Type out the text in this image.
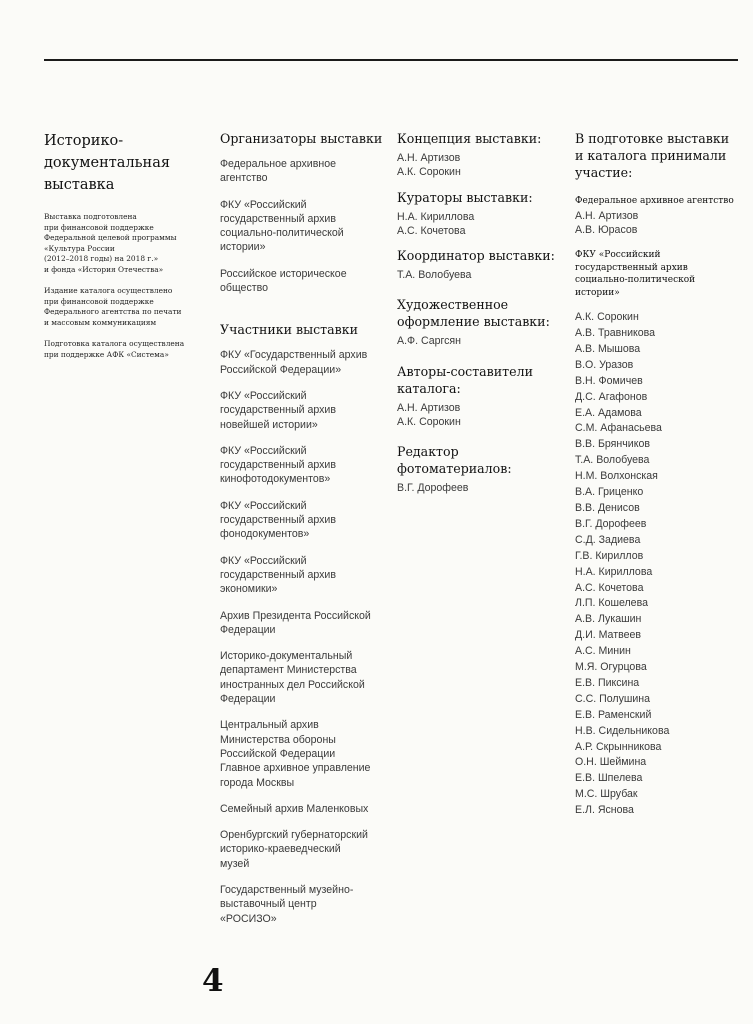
Историко-
документальная
выставка

Выставка подготовлена
при финансовой поддержке
Федеральной целевой программы
«Культура России
(2012–2018 годы) на 2018 г.»
и фонда «История Отечества»

Издание каталога осуществлено
при финансовой поддержке
Федерального агентства по печати
и массовым коммуникациям

Подготовка каталога осуществлена
при поддержке АФК «Система»

Организаторы выставки

Федеральное архивное
агентство

ФКУ «Российский
государственный архив
социально-политической
истории»

Российское историческое
общество

Участники выставки

ФКУ «Государственный архив
Российской Федерации»

ФКУ «Российский
государственный архив
новейшей истории»

ФКУ «Российский
государственный архив
кинофотодокументов»

ФКУ «Российский
государственный архив
фонодокументов»

ФКУ «Российский
государственный архив
экономики»

Архив Президента Российской
Федерации

Историко-документальный
департамент Министерства
иностранных дел Российской
Федерации

Центральный архив
Министерства обороны
Российской Федерации
Главное архивное управление
города Москвы

Семейный архив Маленковых

Оренбургский губернаторский
историко-краеведческий
музей

Государственный музейно-
выставочный центр
«РОСИЗО»

Концепция выставки:

А.Н. Артизов

А.К. Сорокин

Кураторы выставки:

Н.А. Кириллова

А.С. Кочетова

Координатор выставки:

Т.А. Волобуева

Художественное
оформление выставки:

А.Ф. Саргсян

Авторы-составители
каталога:

А.Н. Артизов

А.К. Сорокин

Редактор
фотоматериалов:

В.Г. Дорофеев

В подготовке выставки
и каталога принимали
участие:

Федеральное архивное агентство

А.Н. Артизов

А.В. Юрасов

ФКУ «Российский
государственный архив
социально-политической
истории»

А.К. Сорокин

А.В. Травникова

А.В. Мышова

В.О. Уразов

В.Н. Фомичев

Д.С. Агафонов

Е.А. Адамова

С.М. Афанасьева

В.В. Брянчиков

Т.А. Волобуева

Н.М. Волхонская

В.А. Гриценко

В.В. Денисов

В.Г. Дорофеев

С.Д. Задиева

Г.В. Кириллов

Н.А. Кириллова

А.С. Кочетова

Л.П. Кошелева

А.В. Лукашин

Д.И. Матвеев

А.С. Минин

М.Я. Огурцова

Е.В. Пиксина

С.С. Полушина

Е.В. Раменский

Н.В. Сидельникова

А.Р. Скрынникова

О.Н. Шеймина

Е.В. Шпелева

М.С. Шрубак

Е.Л. Яснова

4
